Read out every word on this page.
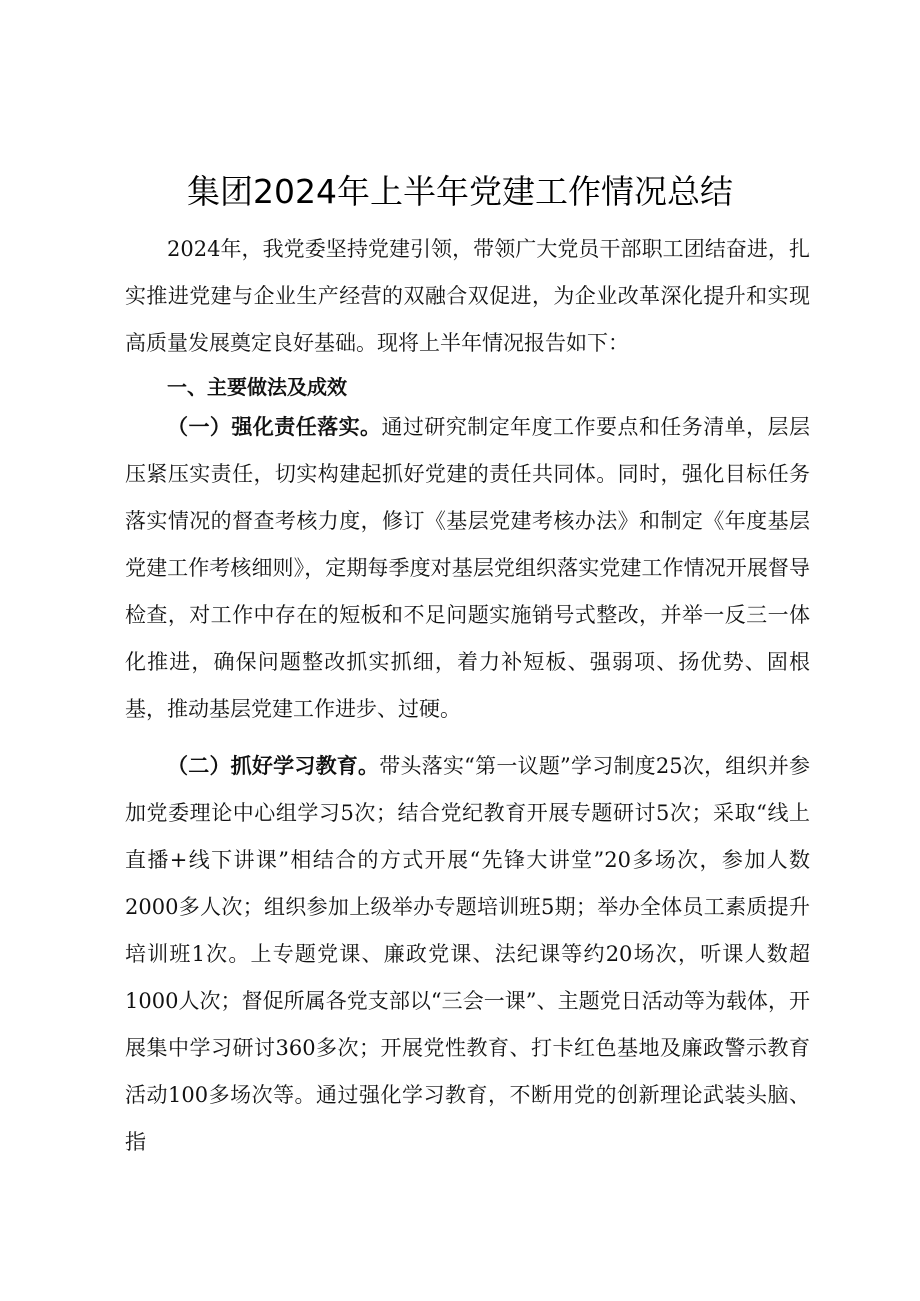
集团2024年上半年党建工作情况总结

2024年，我党委坚持党建引领，带领广大党员干部职工团结奋进，扎实推进党建与企业生产经营的双融合双促进，为企业改革深化提升和实现高质量发展奠定良好基础。现将上半年情况报告如下：

一、主要做法及成效

（一）强化责任落实。通过研究制定年度工作要点和任务清单，层层压紧压实责任，切实构建起抓好党建的责任共同体。同时，强化目标任务落实情况的督查考核力度，修订《基层党建考核办法》和制定《年度基层党建工作考核细则》，定期每季度对基层党组织落实党建工作情况开展督导检查，对工作中存在的短板和不足问题实施销号式整改，并举一反三一体化推进，确保问题整改抓实抓细，着力补短板、强弱项、扬优势、固根基，推动基层党建工作进步、过硬。

（二）抓好学习教育。带头落实“第一议题”学习制度25次，组织并参加党委理论中心组学习5次；结合党纪教育开展专题研讨5次；采取“线上直播+线下讲课”相结合的方式开展“先锋大讲堂”20多场次，参加人数2000多人次；组织参加上级举办专题培训班5期；举办全体员工素质提升培训班1次。上专题党课、廉政党课、法纪课等约20场次，听课人数超1000人次；督促所属各党支部以“三会一课”、主题党日活动等为载体，开展集中学习研讨360多次；开展党性教育、打卡红色基地及廉政警示教育活动100多场次等。通过强化学习教育，不断用党的创新理论武装头脑、指
